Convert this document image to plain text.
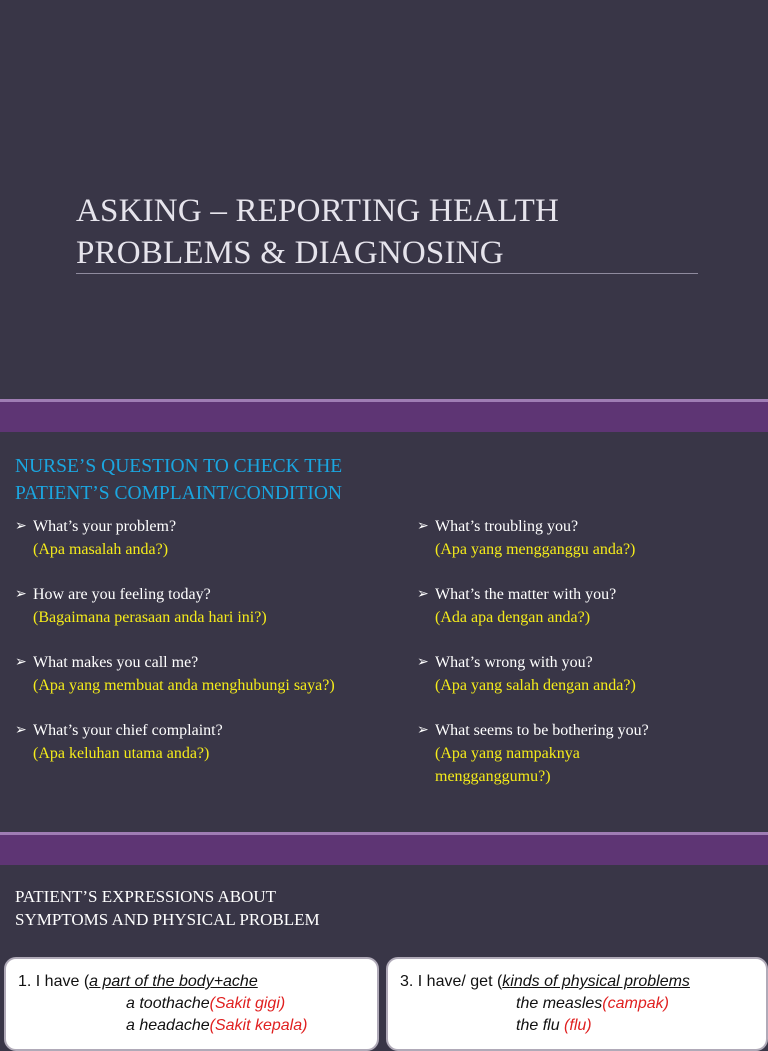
ASKING – REPORTING HEALTH
PROBLEMS & DIAGNOSING
NURSE’S QUESTION TO CHECK THE
PATIENT’S COMPLAINT/CONDITION
➢ What’s your problem?
(Apa masalah anda?)
➢ How are you feeling today?
(Bagaimana perasaan anda hari ini?)
➢ What makes you call me?
(Apa yang membuat anda menghubungi saya?)
➢ What’s your chief complaint?
(Apa keluhan utama anda?)
➢ What’s troubling you?
(Apa yang mengganggu anda?)
➢ What’s the matter with you?
(Ada apa dengan anda?)
➢ What’s wrong with you?
(Apa yang salah dengan anda?)
➢ What seems to be bothering you?
(Apa yang nampaknya mengganggumu?)
PATIENT’S EXPRESSIONS ABOUT
SYMPTOMS AND PHYSICAL PROBLEM
1. I have (a part of the body+ache
a toothache(Sakit gigi)
a headache(Sakit kepala)
3. I have/ get (kinds of physical problems
the measles(campak)
the flu (flu)
